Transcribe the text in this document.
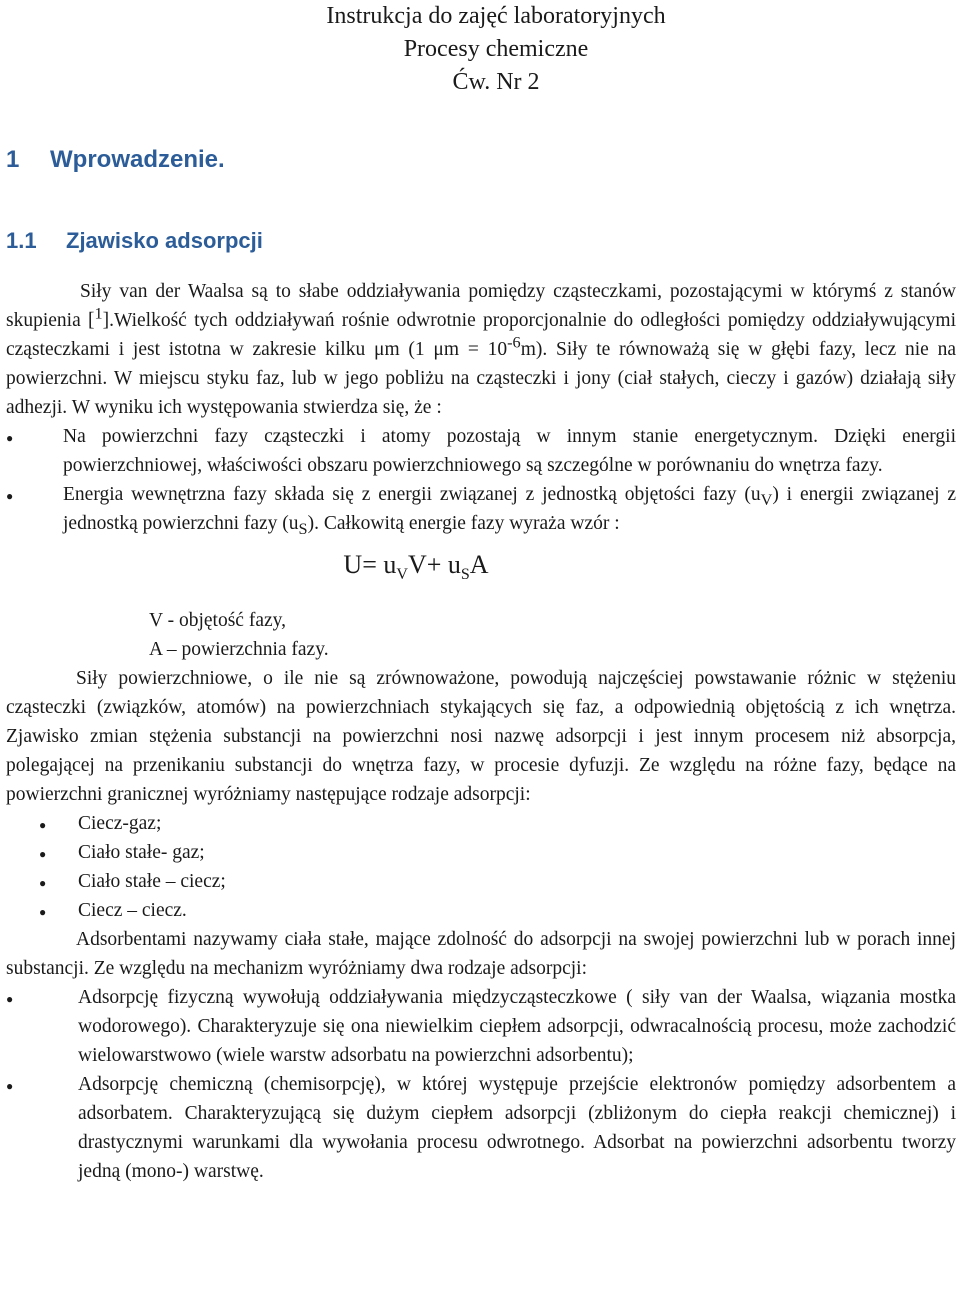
Instrukcja do zajęć laboratoryjnych
Procesy chemiczne
Ćw. Nr 2
1 Wprowadzenie.
1.1 Zjawisko adsorpcji

Siły van der Waalsa są to słabe oddziaływania pomiędzy cząsteczkami, pozostającymi w którymś z stanów skupienia [$^1$].Wielkość tych oddziaływań rośnie odwrotnie proporcjonalnie do odległości pomiędzy oddziaływującymi cząsteczkami i jest istotna w zakresie kilku μm (1 $\mu m = 10^{-6}m$). Siły te równoważą się w głębi fazy, lecz nie na powierzchni. W miejscu styku faz, lub w jego pobliżu na cząsteczki i jony (ciał stałych, cieczy i gazów) działają siły adhezji. W wyniku ich występowania stwierdza się, że :

●
Na powierzchni fazy cząsteczki i atomy pozostają w innym stanie energetycznym. Dzięki energii powierzchniowej, właściwości obszaru powierzchniowego są szczególne w porównaniu do wnętrza fazy.
●
Energia wewnętrzna fazy składa się z energii związanej z jednostką objętości fazy $(u_V)$ i energii związanej z jednostką powierzchni fazy $(u_S)$. Całkowitą energie fazy wyraża wzór :
$U= u_VV+ u_SA$
V - objętość fazy,
A – powierzchnia fazy.

Siły powierzchniowe, o ile nie są zrównoważone, powodują najczęściej powstawanie różnic w stężeniu cząsteczki (związków, atomów) na powierzchniach stykających się faz, a odpowiednią objętością z ich wnętrza. Zjawisko zmian stężenia substancji na powierzchni nosi nazwę adsorpcji i jest innym procesem niż absorpcja, polegającej na przenikaniu substancji do wnętrza fazy, w procesie dyfuzji. Ze względu na różne fazy, będące na powierzchni granicznej wyróżniamy następujące rodzaje adsorpcji:

●
Ciecz-gaz;
●
Ciało stałe- gaz;
●
Ciało stałe – ciecz;
●
Ciecz – ciecz.

Adsorbentami nazywamy ciała stałe, mające zdolność do adsorpcji na swojej powierzchni lub w porach innej substancji. Ze względu na mechanizm wyróżniamy dwa rodzaje adsorpcji:

●
Adsorpcję fizyczną wywołują oddziaływania międzycząsteczkowe ( siły van der Waalsa, wiązania mostka wodorowego). Charakteryzuje się ona niewielkim ciepłem adsorpcji, odwracalnością procesu, może zachodzić wielowarstwowo (wiele warstw adsorbatu na powierzchni adsorbentu);
●
Adsorpcję chemiczną (chemisorpcję), w której występuje przejście elektronów pomiędzy adsorbentem a adsorbatem. Charakteryzującą się dużym ciepłem adsorpcji (zbliżonym do ciepła reakcji chemicznej) i drastycznymi warunkami dla wywołania procesu odwrotnego. Adsorbat na powierzchni adsorbentu tworzy jedną (mono-) warstwę.
